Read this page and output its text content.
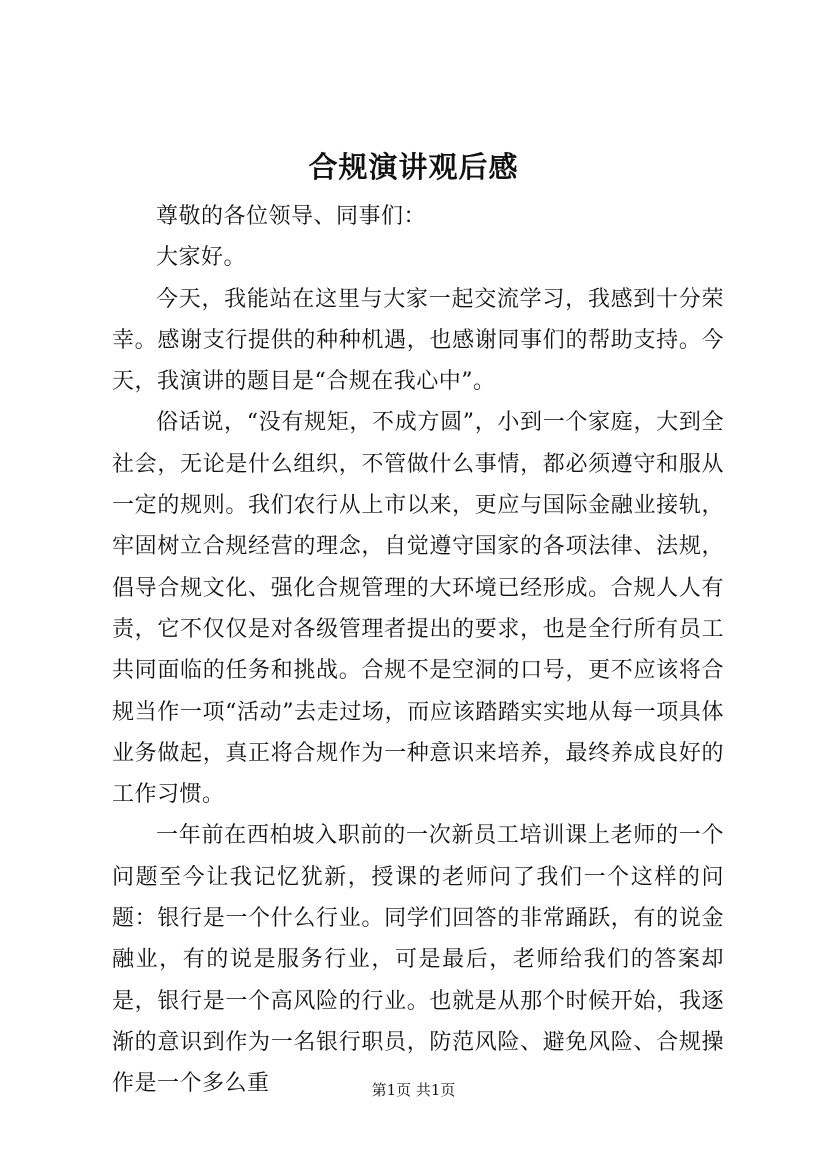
合规演讲观后感

尊敬的各位领导、同事们：

大家好。

今天，我能站在这里与大家一起交流学习，我感到十分荣幸。感谢支行提供的种种机遇，也感谢同事们的帮助支持。今天，我演讲的题目是“合规在我心中”。

俗话说，“没有规矩，不成方圆”，小到一个家庭，大到全社会，无论是什么组织，不管做什么事情，都必须遵守和服从一定的规则。我们农行从上市以来，更应与国际金融业接轨，牢固树立合规经营的理念，自觉遵守国家的各项法律、法规，倡导合规文化、强化合规管理的大环境已经形成。合规人人有责，它不仅仅是对各级管理者提出的要求，也是全行所有员工共同面临的任务和挑战。合规不是空洞的口号，更不应该将合规当作一项“活动”去走过场，而应该踏踏实实地从每一项具体业务做起，真正将合规作为一种意识来培养，最终养成良好的工作习惯。

一年前在西柏坡入职前的一次新员工培训课上老师的一个问题至今让我记忆犹新，授课的老师问了我们一个这样的问题：银行是一个什么行业。同学们回答的非常踊跃，有的说金融业，有的说是服务行业，可是最后，老师给我们的答案却是，银行是一个高风险的行业。也就是从那个时候开始，我逐渐的意识到作为一名银行职员，防范风险、避免风险、合规操作是一个多么重	第1页 共1页
